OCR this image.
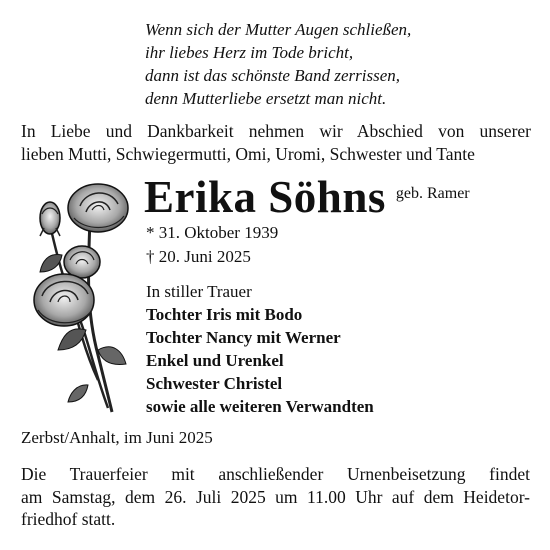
Wenn sich der Mutter Augen schließen,
ihr liebes Herz im Tode bricht,
dann ist das schönste Band zerrissen,
denn Mutterliebe ersetzt man nicht.
In Liebe und Dankbarkeit nehmen wir Abschied von unserer
lieben Mutti, Schwiegermutti, Omi, Uromi, Schwester und Tante
Erika Söhns geb. Ramer
* 31. Oktober 1939
† 20. Juni 2025
In stiller Trauer
Tochter Iris mit Bodo
Tochter Nancy mit Werner
Enkel und Urenkel
Schwester Christel
sowie alle weiteren Verwandten
Zerbst/Anhalt, im Juni 2025
Die Trauerfeier mit anschließender Urnenbeisetzung findet
am Samstag, dem 26. Juli 2025 um 11.00 Uhr auf dem Heidetor-
friedhof statt.
